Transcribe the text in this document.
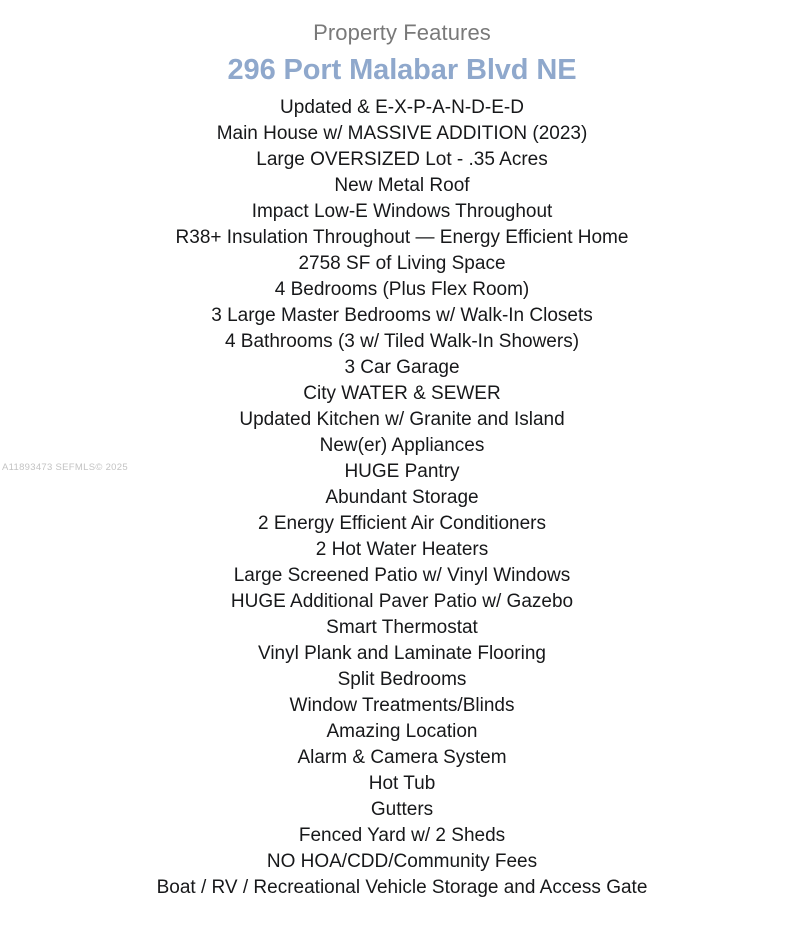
Property Features
296 Port Malabar Blvd NE
Updated & E-X-P-A-N-D-E-D
Main House w/ MASSIVE ADDITION (2023)
Large OVERSIZED Lot - .35 Acres
New Metal Roof
Impact Low-E Windows Throughout
R38+ Insulation Throughout — Energy Efficient Home
2758 SF of Living Space
4 Bedrooms (Plus Flex Room)
3 Large Master Bedrooms w/ Walk-In Closets
4 Bathrooms (3 w/ Tiled Walk-In Showers)
3 Car Garage
City WATER & SEWER
Updated Kitchen w/ Granite and Island
New(er) Appliances
HUGE Pantry
Abundant Storage
2 Energy Efficient Air Conditioners
2 Hot Water Heaters
Large Screened Patio w/ Vinyl Windows
HUGE Additional Paver Patio w/ Gazebo
Smart Thermostat
Vinyl Plank and Laminate Flooring
Split Bedrooms
Window Treatments/Blinds
Amazing Location
Alarm & Camera System
Hot Tub
Gutters
Fenced Yard w/ 2 Sheds
NO HOA/CDD/Community Fees
Boat / RV / Recreational Vehicle Storage and Access Gate
A11893473 SEFMLS© 2025
